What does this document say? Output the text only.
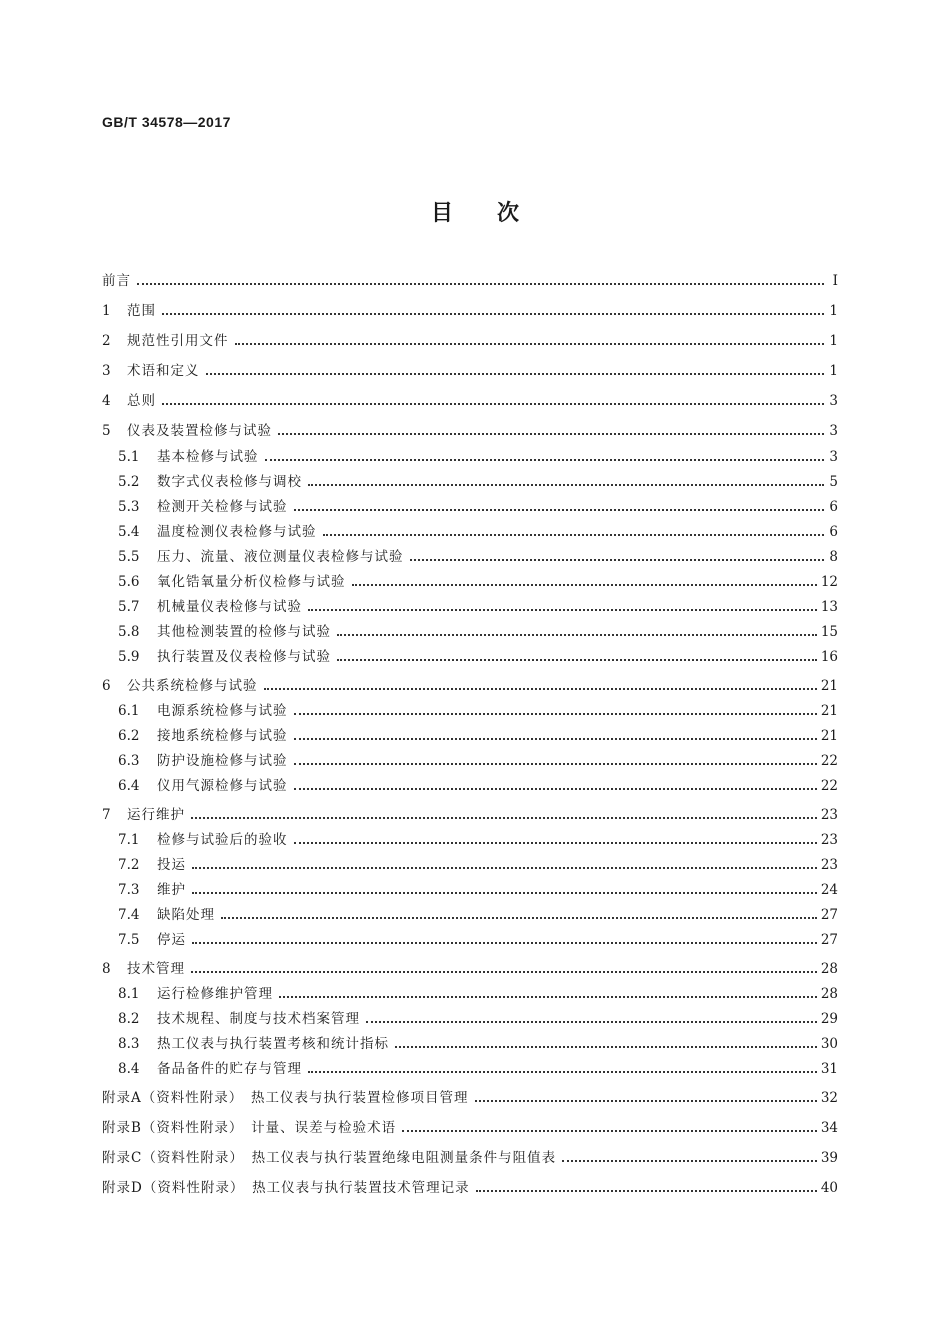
GB/T 34578—2017
目次
前言	Ⅰ
1	范围	1
2	规范性引用文件	1
3	术语和定义	1
4	总则	3
5	仪表及装置检修与试验	3
5.1	基本检修与试验	3
5.2	数字式仪表检修与调校	5
5.3	检测开关检修与试验	6
5.4	温度检测仪表检修与试验	6
5.5	压力、流量、液位测量仪表检修与试验	8
5.6	氧化锆氧量分析仪检修与试验	12
5.7	机械量仪表检修与试验	13
5.8	其他检测装置的检修与试验	15
5.9	执行装置及仪表检修与试验	16
6	公共系统检修与试验	21
6.1	电源系统检修与试验	21
6.2	接地系统检修与试验	21
6.3	防护设施检修与试验	22
6.4	仪用气源检修与试验	22
7	运行维护	23
7.1	检修与试验后的验收	23
7.2	投运	23
7.3	维护	24
7.4	缺陷处理	27
7.5	停运	27
8	技术管理	28
8.1	运行检修维护管理	28
8.2	技术规程、制度与技术档案管理	29
8.3	热工仪表与执行装置考核和统计指标	30
8.4	备品备件的贮存与管理	31
附录A（资料性附录）　热工仪表与执行装置检修项目管理	32
附录B（资料性附录）　计量、误差与检验术语	34
附录C（资料性附录）　热工仪表与执行装置绝缘电阻测量条件与阻值表	39
附录D（资料性附录）　热工仪表与执行装置技术管理记录	40
